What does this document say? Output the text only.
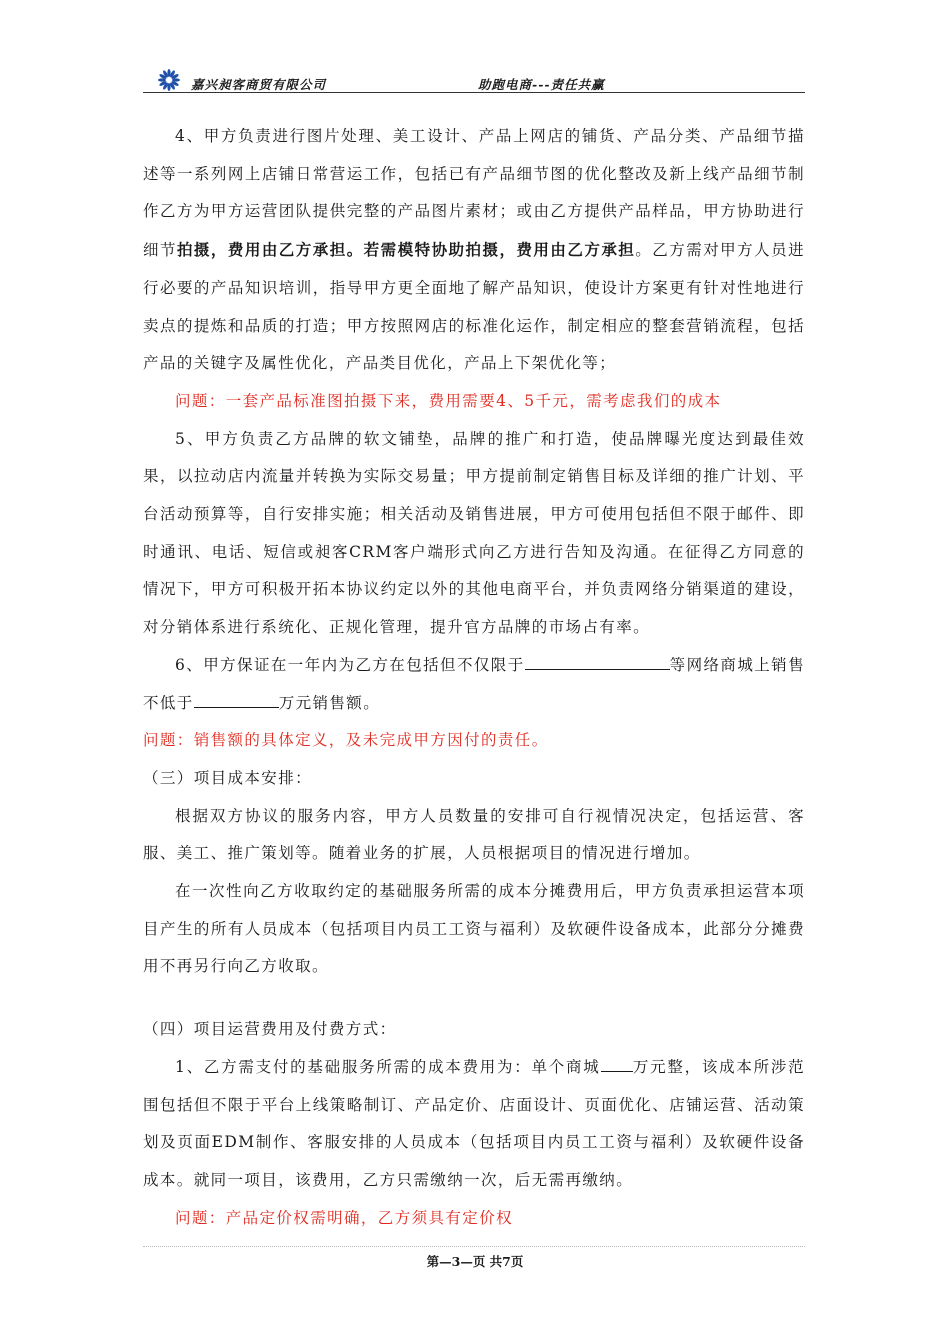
嘉兴昶客商贸有限公司	助跑电商---责任共赢

4、甲方负责进行图片处理、美工设计、产品上网店的铺货、产品分类、产品细节描述等一系列网上店铺日常营运工作，包括已有产品细节图的优化整改及新上线产品细节制作乙方为甲方运营团队提供完整的产品图片素材；或由乙方提供产品样品，甲方协助进行细节拍摄，费用由乙方承担。若需模特协助拍摄，费用由乙方承担。乙方需对甲方人员进行必要的产品知识培训，指导甲方更全面地了解产品知识，使设计方案更有针对性地进行卖点的提炼和品质的打造；甲方按照网店的标准化运作，制定相应的整套营销流程，包括产品的关键字及属性优化，产品类目优化，产品上下架优化等；

问题：一套产品标准图拍摄下来，费用需要4、5千元，需考虑我们的成本

5、甲方负责乙方品牌的软文铺垫，品牌的推广和打造，使品牌曝光度达到最佳效果，以拉动店内流量并转换为实际交易量；甲方提前制定销售目标及详细的推广计划、平台活动预算等，自行安排实施；相关活动及销售进展，甲方可使用包括但不限于邮件、即时通讯、电话、短信或昶客CRM客户端形式向乙方进行告知及沟通。在征得乙方同意的情况下，甲方可积极开拓本协议约定以外的其他电商平台，并负责网络分销渠道的建设，对分销体系进行系统化、正规化管理，提升官方品牌的市场占有率。

6、甲方保证在一年内为乙方在包括但不仅限于	等网络商城上销售不低于	万元销售额。

问题：销售额的具体定义，及未完成甲方因付的责任。

（三）项目成本安排：

根据双方协议的服务内容，甲方人员数量的安排可自行视情况决定，包括运营、客服、美工、推广策划等。随着业务的扩展，人员根据项目的情况进行增加。

在一次性向乙方收取约定的基础服务所需的成本分摊费用后，甲方负责承担运营本项目产生的所有人员成本（包括项目内员工工资与福利）及软硬件设备成本，此部分分摊费用不再另行向乙方收取。

（四）项目运营费用及付费方式：

1、乙方需支付的基础服务所需的成本费用为：单个商城 万元整，该成本所涉范围包括但不限于平台上线策略制订、产品定价、店面设计、页面优化、店铺运营、活动策划及页面EDM制作、客服安排的人员成本（包括项目内员工工资与福利）及软硬件设备成本。就同一项目，该费用，乙方只需缴纳一次，后无需再缴纳。

问题：产品定价权需明确，乙方须具有定价权

第—3—页 共7页
